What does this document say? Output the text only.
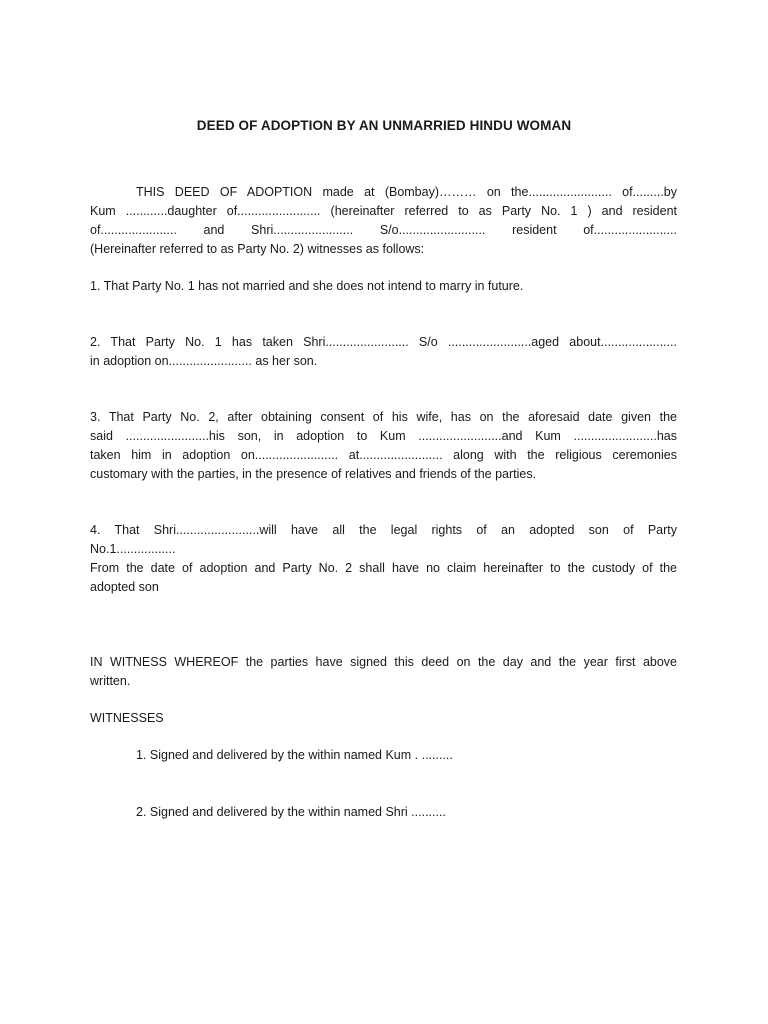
DEED OF ADOPTION BY AN UNMARRIED HINDU WOMAN
THIS DEED OF ADOPTION made at (Bombay)……… on the........................ of.........by
Kum ............daughter of........................ (hereinafter referred to as Party No. 1 ) and resident
of...................... and Shri....................... S/o......................... resident of........................
(Hereinafter referred to as Party No. 2) witnesses as follows:
1. That Party No. 1 has not married and she does not intend to marry in future.
2. That Party No. 1 has taken Shri........................ S/o ........................aged about......................
in adoption on........................ as her son.
3. That Party No. 2, after obtaining consent of his wife, has on the aforesaid date given the
said ........................his son, in adoption to Kum ........................and Kum ........................has
taken him in adoption on........................ at........................ along with the religious ceremonies
customary with the parties, in the presence of relatives and friends of the parties.
4. That Shri........................will have all the legal rights of an adopted son of Party
No.1.................
From the date of adoption and Party No. 2 shall have no claim hereinafter to the custody of the
adopted son
IN WITNESS WHEREOF the parties have signed this deed on the day and the year first above
written.
WITNESSES
1. Signed and delivered by the within named Kum . .........
2. Signed and delivered by the within named Shri ..........
